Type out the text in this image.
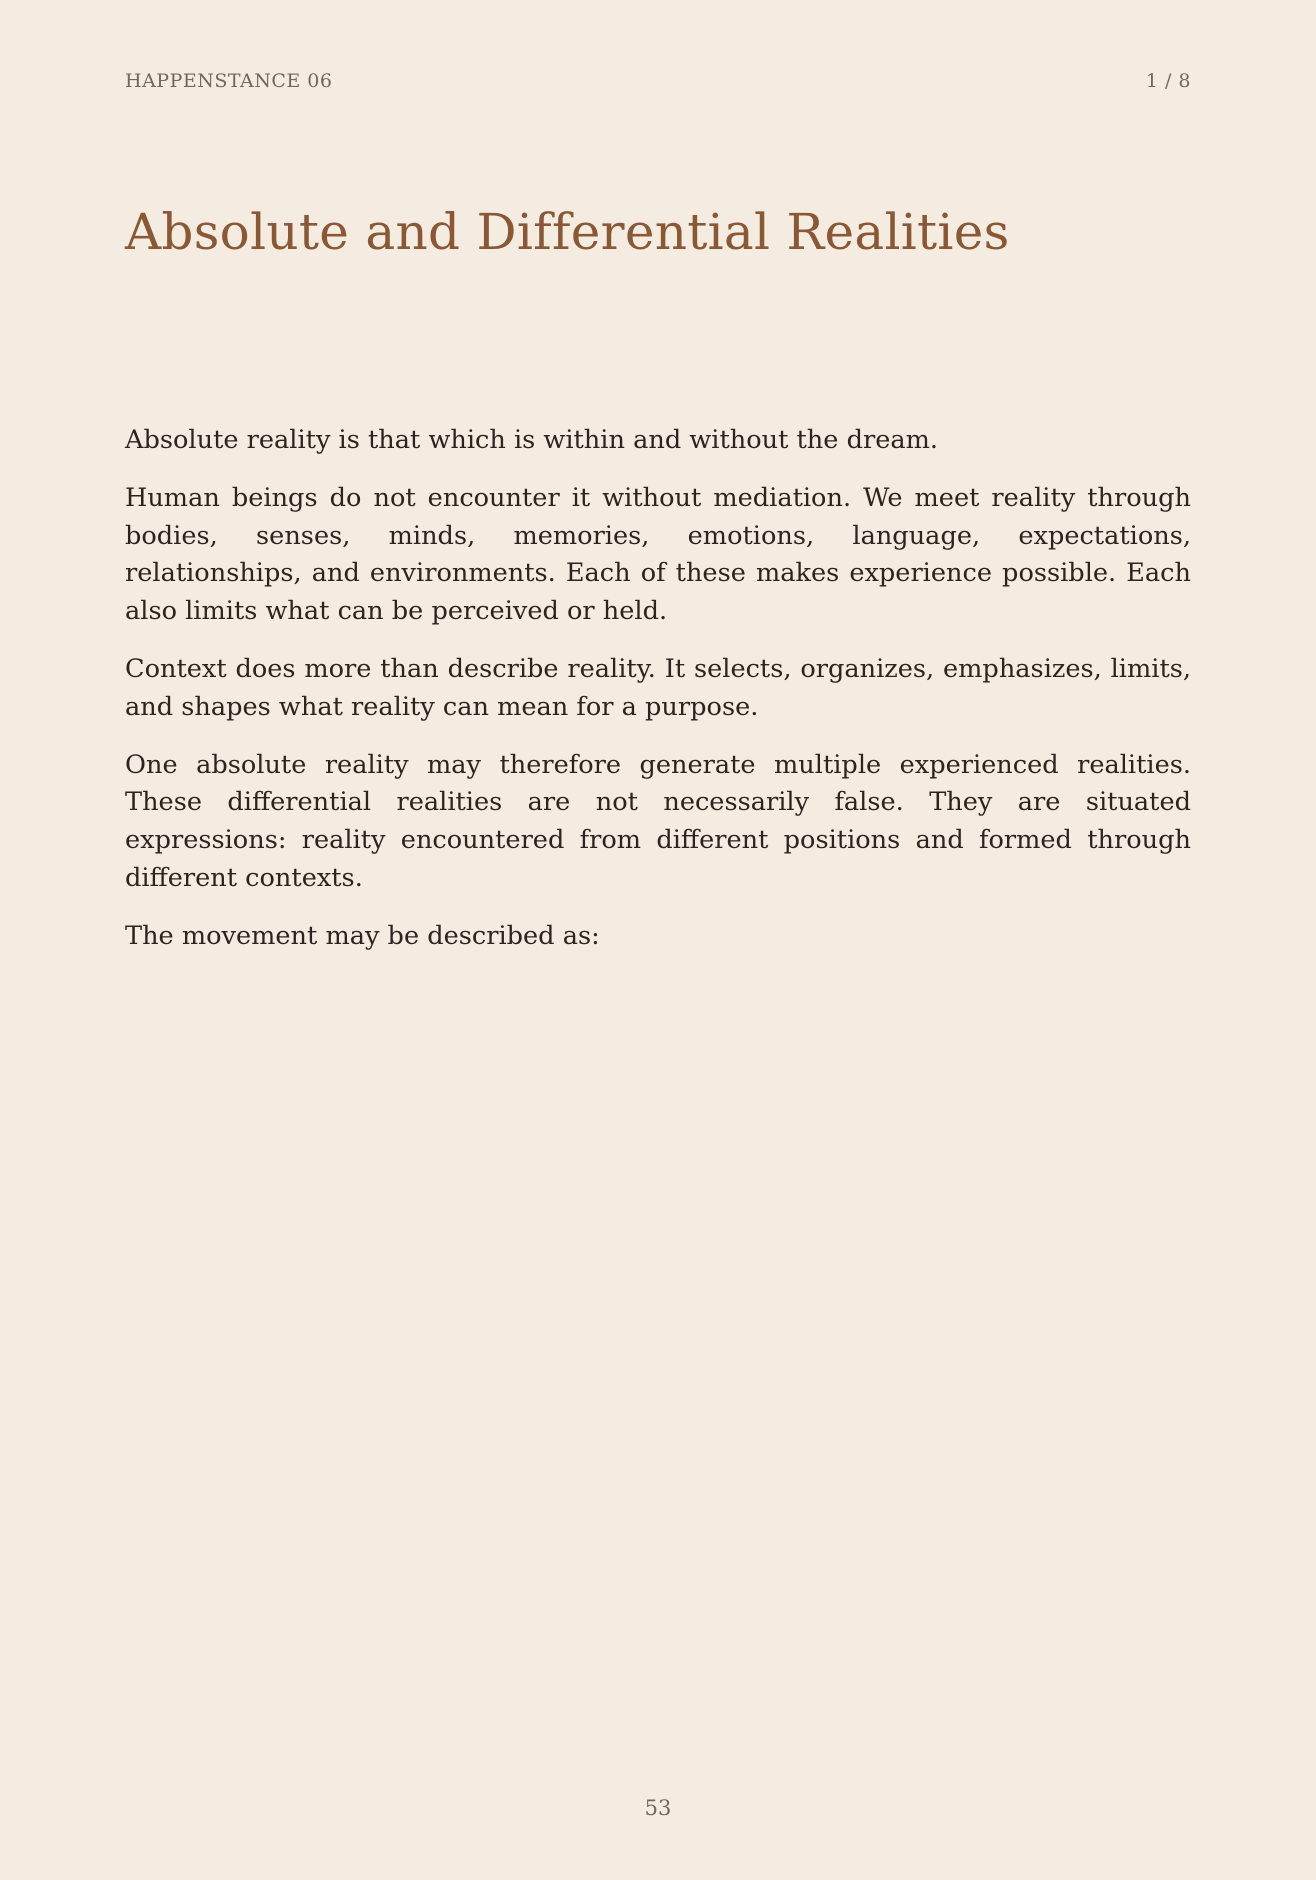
HAPPENSTANCE 06	1 / 8
Absolute and Differential Realities

Absolute reality is that which is within and without the dream.

Human beings do not encounter it without mediation. We meet reality through bodies, senses, minds, memories, emotions, language, expectations, relationships, and environments. Each of these makes experience possible. Each also limits what can be perceived or held.

Context does more than describe reality. It selects, organizes, emphasizes, limits, and shapes what reality can mean for a purpose.

One absolute reality may therefore generate multiple experienced realities. These differential realities are not necessarily false. They are situated expressions: reality encountered from different positions and formed through different contexts.

The movement may be described as:

53
